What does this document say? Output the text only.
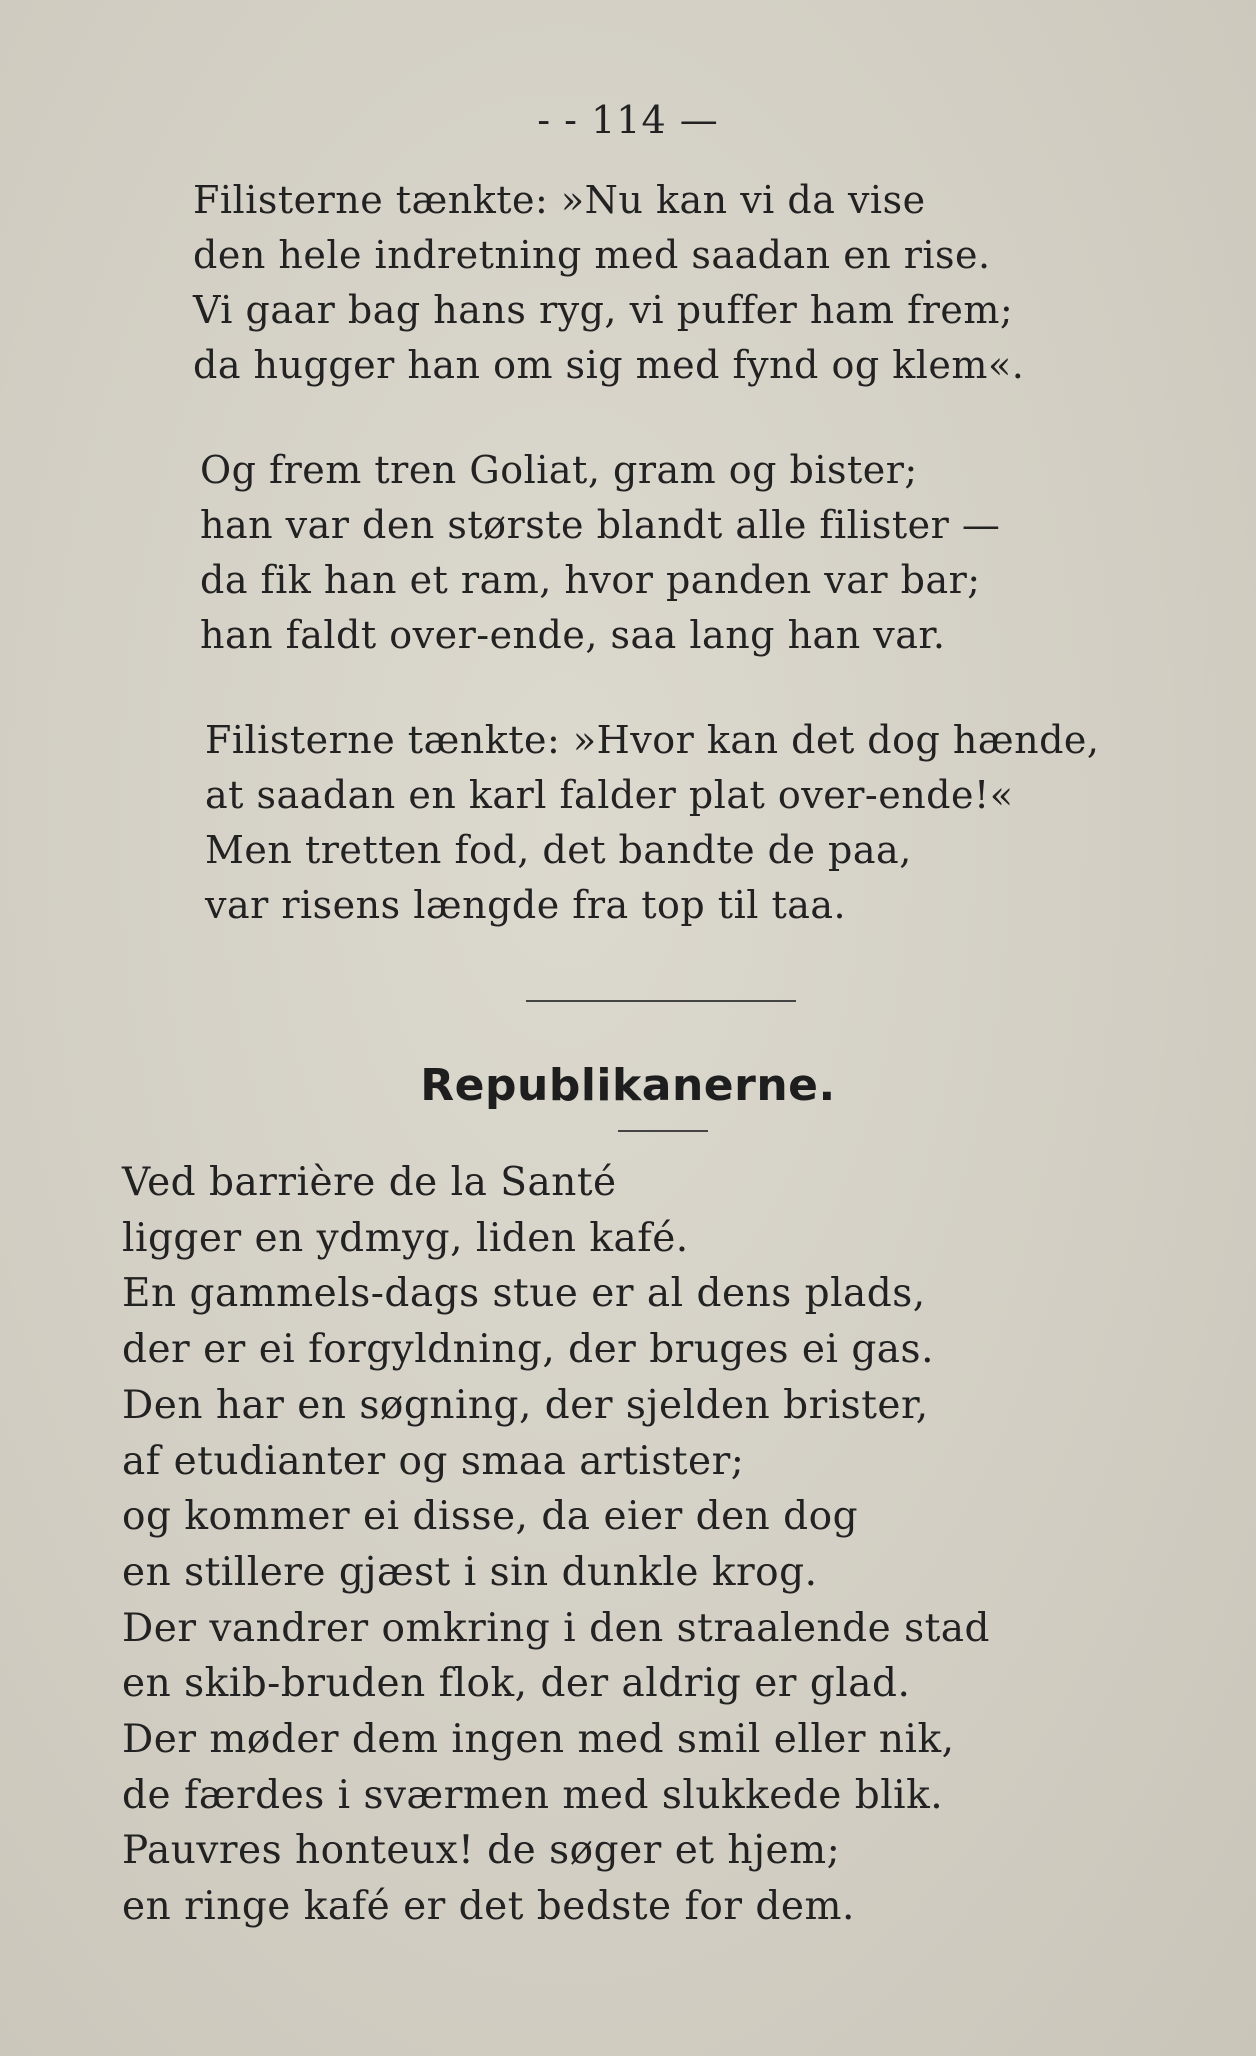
- - 114 —
Filisterne tænkte: »Nu kan vi da vise
den hele indretning med saadan en rise.
Vi gaar bag hans ryg, vi puffer ham frem;
da hugger han om sig med fynd og klem«.
Og frem tren Goliat, gram og bister;
han var den største blandt alle filister —
da fik han et ram, hvor panden var bar;
han faldt over-ende, saa lang han var.
Filisterne tænkte: »Hvor kan det dog hænde,
at saadan en karl falder plat over-ende!«
Men tretten fod, det bandte de paa,
var risens længde fra top til taa.
Republikanerne.
Ved barrière de la Santé
ligger en ydmyg, liden kafé.
En gammels-dags stue er al dens plads,
der er ei forgyldning, der bruges ei gas.
Den har en søgning, der sjelden brister,
af etudianter og smaa artister;
og kommer ei disse, da eier den dog
en stillere gjæst i sin dunkle krog.
Der vandrer omkring i den straalende stad
en skib-bruden flok, der aldrig er glad.
Der møder dem ingen med smil eller nik,
de færdes i sværmen med slukkede blik.
Pauvres honteux! de søger et hjem;
en ringe kafé er det bedste for dem.
